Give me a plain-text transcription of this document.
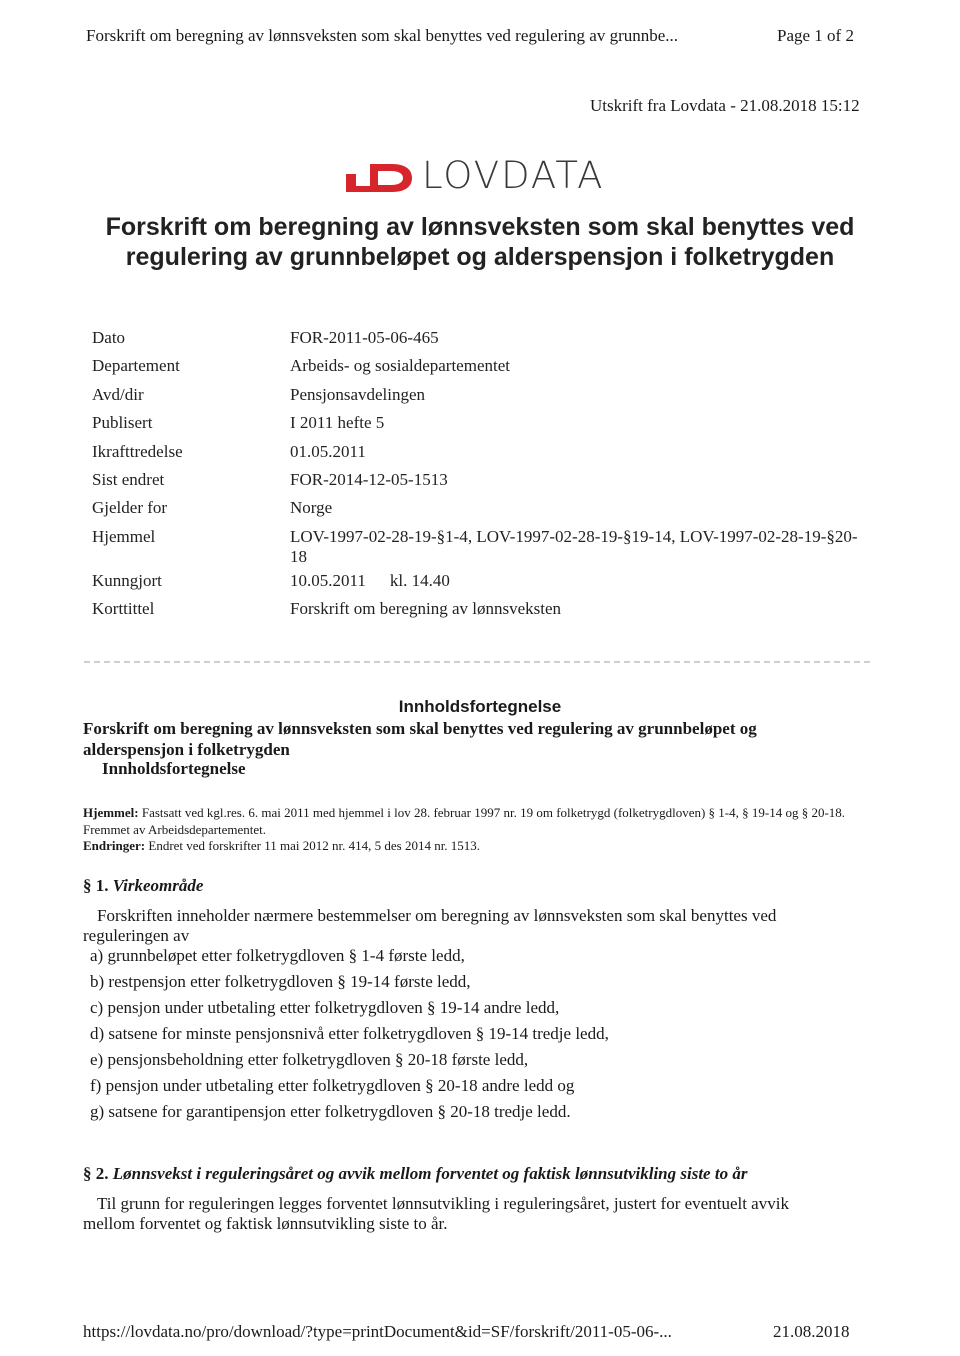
Forskrift om beregning av lønnsveksten som skal benyttes ved regulering av grunnbe...	Page 1 of 2
Utskrift fra Lovdata - 21.08.2018 15:12
LOVDATA
Forskrift om beregning av lønnsveksten som skal benyttes ved
regulering av grunnbeløpet og alderspensjon i folketrygden
Dato	FOR-2011-05-06-465
Departement	Arbeids- og sosialdepartementet
Avd/dir	Pensjonsavdelingen
Publisert	I 2011 hefte 5
Ikrafttredelse	01.05.2011
Sist endret	FOR-2014-12-05-1513
Gjelder for	Norge
Hjemmel	LOV-1997-02-28-19-§1-4, LOV-1997-02-28-19-§19-14, LOV-1997-02-28-19-§20-18
Kunngjort	10.05.2011 kl. 14.40
Korttittel	Forskrift om beregning av lønnsveksten
Innholdsfortegnelse
Forskrift om beregning av lønnsveksten som skal benyttes ved regulering av grunnbeløpet og alderspensjon i folketrygden
Innholdsfortegnelse
Hjemmel: Fastsatt ved kgl.res. 6. mai 2011 med hjemmel i lov 28. februar 1997 nr. 19 om folketrygd (folketrygdloven) § 1-4, § 19-14 og § 20-18. Fremmet av Arbeidsdepartementet.
Endringer: Endret ved forskrifter 11 mai 2012 nr. 414, 5 des 2014 nr. 1513.
§ 1. Virkeområde
Forskriften inneholder nærmere bestemmelser om beregning av lønnsveksten som skal benyttes ved reguleringen av
a) grunnbeløpet etter folketrygdloven § 1-4 første ledd,
b) restpensjon etter folketrygdloven § 19-14 første ledd,
c) pensjon under utbetaling etter folketrygdloven § 19-14 andre ledd,
d) satsene for minste pensjonsnivå etter folketrygdloven § 19-14 tredje ledd,
e) pensjonsbeholdning etter folketrygdloven § 20-18 første ledd,
f) pensjon under utbetaling etter folketrygdloven § 20-18 andre ledd og
g) satsene for garantipensjon etter folketrygdloven § 20-18 tredje ledd.
§ 2. Lønnsvekst i reguleringsåret og avvik mellom forventet og faktisk lønnsutvikling siste to år
Til grunn for reguleringen legges forventet lønnsutvikling i reguleringsåret, justert for eventuelt avvik mellom forventet og faktisk lønnsutvikling siste to år.
https://lovdata.no/pro/download/?type=printDocument&id=SF/forskrift/2011-05-06-...	21.08.2018
